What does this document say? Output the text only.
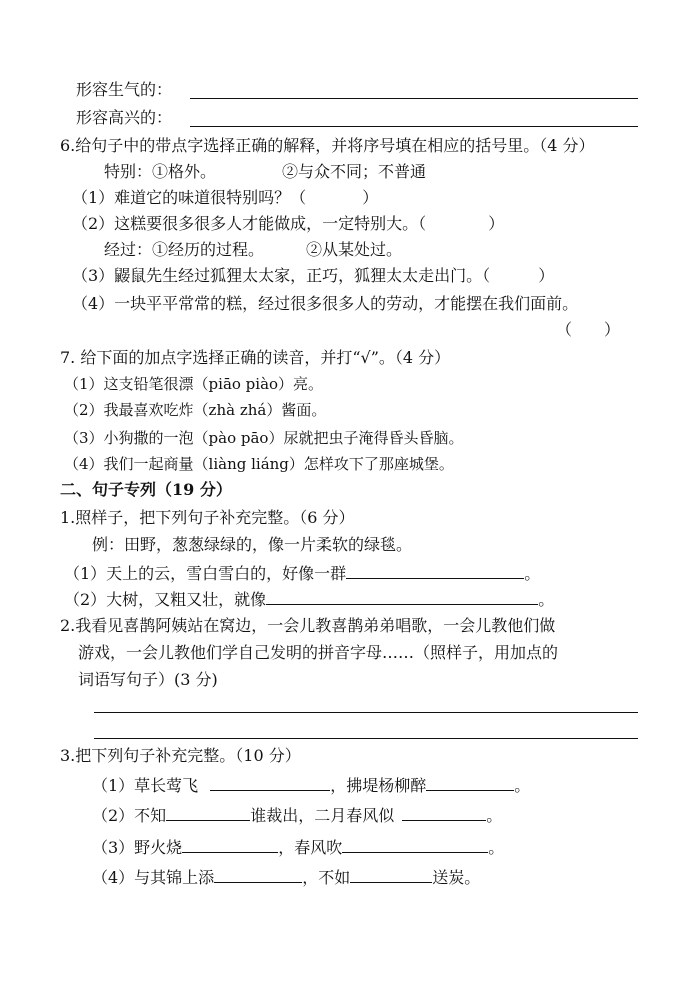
形容生气的：
形容高兴的：
6.给句子中的带点字选择正确的解释，并将序号填在相应的括号里。（4 分）
特别：①格外。	②与众不同；不普通
（1）难道它的味道很特别吗？（	）
（2）这糕要很多很多人才能做成，一定特别大。（	）
经过：①经历的过程。	②从某处过。
（3）鼹鼠先生经过狐狸太太家，正巧，狐狸太太走出门。（	）
（4）一块平平常常的糕，经过很多很多人的劳动，才能摆在我们面前。
（　　）
7. 给下面的加点字选择正确的读音，并打“√”。（4 分）
（1）这支铅笔很漂（piāo piào）亮。
（2）我最喜欢吃炸（zhà zhá）酱面。
（3）小狗撒的一泡（pào pāo）尿就把虫子淹得昏头昏脑。
（4）我们一起商量（liàng liáng）怎样攻下了那座城堡。
二、句子专列（19 分）
1.照样子，把下列句子补充完整。（6 分）
例：田野，葱葱绿绿的，像一片柔软的绿毯。
（1）天上的云，雪白雪白的，好像一群	。
（2）大树，又粗又壮，就像	。
2.我看见喜鹊阿姨站在窝边，一会儿教喜鹊弟弟唱歌，一会儿教他们做
游戏，一会儿教他们学自己发明的拼音字母……（照样子，用加点的
词语写句子）(3 分)
3.把下列句子补充完整。（10 分）
（1）草长莺飞	，拂堤杨柳醉	。
（2）不知	谁裁出，二月春风似	。
（3）野火烧	，春风吹	。
（4）与其锦上添	，不如	送炭。
